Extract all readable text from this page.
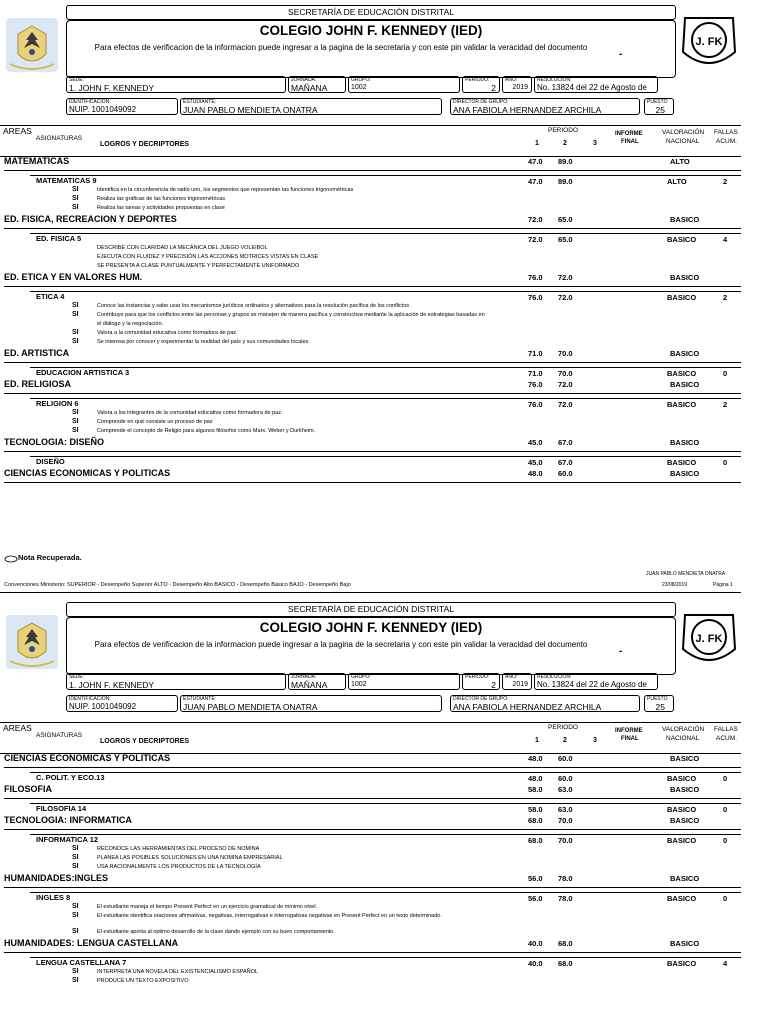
SECRETARÍA DE EDUCACIÓN DISTRITAL
COLEGIO JOHN F. KENNEDY (IED)
Para efectos de verificacion de la informacion puede ingresar a la pagina de la secretaria y con este pin validar la veracidad del documento
-
J. FK
SEDE:
1. JOHN F. KENNEDY
JORNADA:
MAÑANA
GRUPO:
1002
PERIODO:
2
AÑO:
2019
RESOLUCION:
No. 13824 del 22 de Agosto de
IDENTIFICACION:
NUIP. 1001049092
ESTUDIANTE:
JUAN PABLO MENDIETA ONATRA
DIRECTOR DE GRUPO:
ANA FABIOLA HERNANDEZ ARCHILA
PUESTO
25
AREAS
ASIGNATURAS
LOGROS Y DECRIPTORES
PERIODO
1	2	3
INFORME
FINAL
VALORACIÓN
NACIONAL
FALLAS
ACUM.
MATEMATICAS	47.0 89.0	ALTO
MATEMATICAS 9	47.0 89.0	ALTO	2
SI	Identifica en la circunferencia de radio uno, los segmentos que representan las funciones trigonométricas
SI	Realiza las gráficas de las funciones trigonométricas
SI	Realiza las tareas y actividades propuestas en clase
ED. FISICA, RECREACION Y DEPORTES	72.0 65.0	BASICO
ED. FISICA 5	72.0 65.0	BASICO	4
DESCRIBE CON CLARIDAD LA MECÁNICA DEL JUEGO VOLEIBOL
EJECUTA CON FLUIDEZ Y PRECISIÓN LAS ACCIONES MOTRICES VISTAS EN CLASE
SE PRESENTA A CLASE PUNTUALMENTE Y PERFECTAMENTE UNIFORMADO
ED. ETICA Y EN VALORES HUM.	76.0 72.0	BASICO
ETICA 4	76.0 72.0	BASICO	2
SI	Conoce las instancias y sabe usar los mecanismos jurídicos ordinarios y alternativos para la resolución pacífica de los conflictos
SI	Contribuye para que los conflictos entre las personas y grupos se manejen de manera pacífica y constructiva mediante la aplicación de estrategias basadas en
el diálogo y la negociación.
SI	Valora a la comunidad educativa como formadora de paz.
SI	Se interesa por conocer y experimentar la realidad del país y sus comunidades locales.
ED. ARTISTICA	71.0 70.0	BASICO
EDUCACION ARTISTICA 3	71.0 70.0	BASICO	0
ED. RELIGIOSA	76.0 72.0	BASICO
RELIGION 6	76.0 72.0	BASICO	2
SI	Valora a los integrantes de la comunidad educativa como formadora de paz.
SI	Comprende en qué consiste un proceso de paz
SI	Comprende el concepto de Religio para algunos filósofos como Marx. Weber y Durkheim.
TECNOLOGIA: DISEÑO	45.0 67.0	BASICO
DISEÑO	45.0 67.0	BASICO	0
CIENCIAS ECONOMICAS Y POLITICAS	48.0 60.0	BASICO
Nota Recuperada.
JUAN PABLO MENDIETA ONATRA
23/08/2019	Página 1
Convenciones Ministerio: SUPERIOR - Desempeño Superior ALTO - Desempeño Alto BASICO - Desempeño Básico BAJO - Desempeño Bajo
SECRETARÍA DE EDUCACIÓN DISTRITAL
COLEGIO JOHN F. KENNEDY (IED)
Para efectos de verificacion de la informacion puede ingresar a la pagina de la secretaria y con este pin validar la veracidad del documento
-
J. FK
SEDE:
1. JOHN F. KENNEDY
JORNADA:
MAÑANA
GRUPO:
1002
PERIODO:
2
AÑO:
2019
RESOLUCION:
No. 13824 del 22 de Agosto de
IDENTIFICACION:
NUIP. 1001049092
ESTUDIANTE:
JUAN PABLO MENDIETA ONATRA
DIRECTOR DE GRUPO:
ANA FABIOLA HERNANDEZ ARCHILA
PUESTO
25
AREAS
ASIGNATURAS
LOGROS Y DECRIPTORES
PERIODO
1	2	3
INFORME
FINAL
VALORACIÓN
NACIONAL
FALLAS
ACUM.
CIENCIAS ECONOMICAS Y POLITICAS	48.0 60.0	BASICO
C. POLIT. Y ECO.13	48.0 60.0	BASICO	0
FILOSOFIA	58.0 63.0	BASICO
FILOSOFIA 14	58.0 63.0	BASICO	0
TECNOLOGIA: INFORMATICA	68.0 70.0	BASICO
INFORMATICA 12	68.0 70.0	BASICO	0
SI	RECONOCE LAS HERRAMIENTAS DEL PROCESO DE NOMINA
SI	PLANEA LAS POSIBLES SOLUCIONES EN UNA NOMINA EMPRESARIAL
SI	USA RACIONALMENTE LOS PRODUCTOS DE LA TECNOLOGÍA
HUMANIDADES:INGLES	56.0 78.0	BASICO
INGLES 8	56.0 78.0	BASICO	0
SI	El estudiante maneja el tiempo Present Perfect en un ejercicio gramatical de mínimo nivel.
SI	El estudiante identifica oraciones afirmativas, negativas, interrogativas e interrogativas negativas en Present Perfect en un texto determinado.
SI	El estudiante aporta al optimo desarrollo de la clase dando ejemplo con su buen comportamiento.
HUMANIDADES: LENGUA CASTELLANA	40.0 68.0	BASICO
LENGUA CASTELLANA 7	40.0 68.0	BASICO	4
SI	INTERPRETA UNA NOVELA DEL EXISTENCIALISMO ESPAÑOL
SI	PRODUCE UN TEXTO EXPOSITIVO
